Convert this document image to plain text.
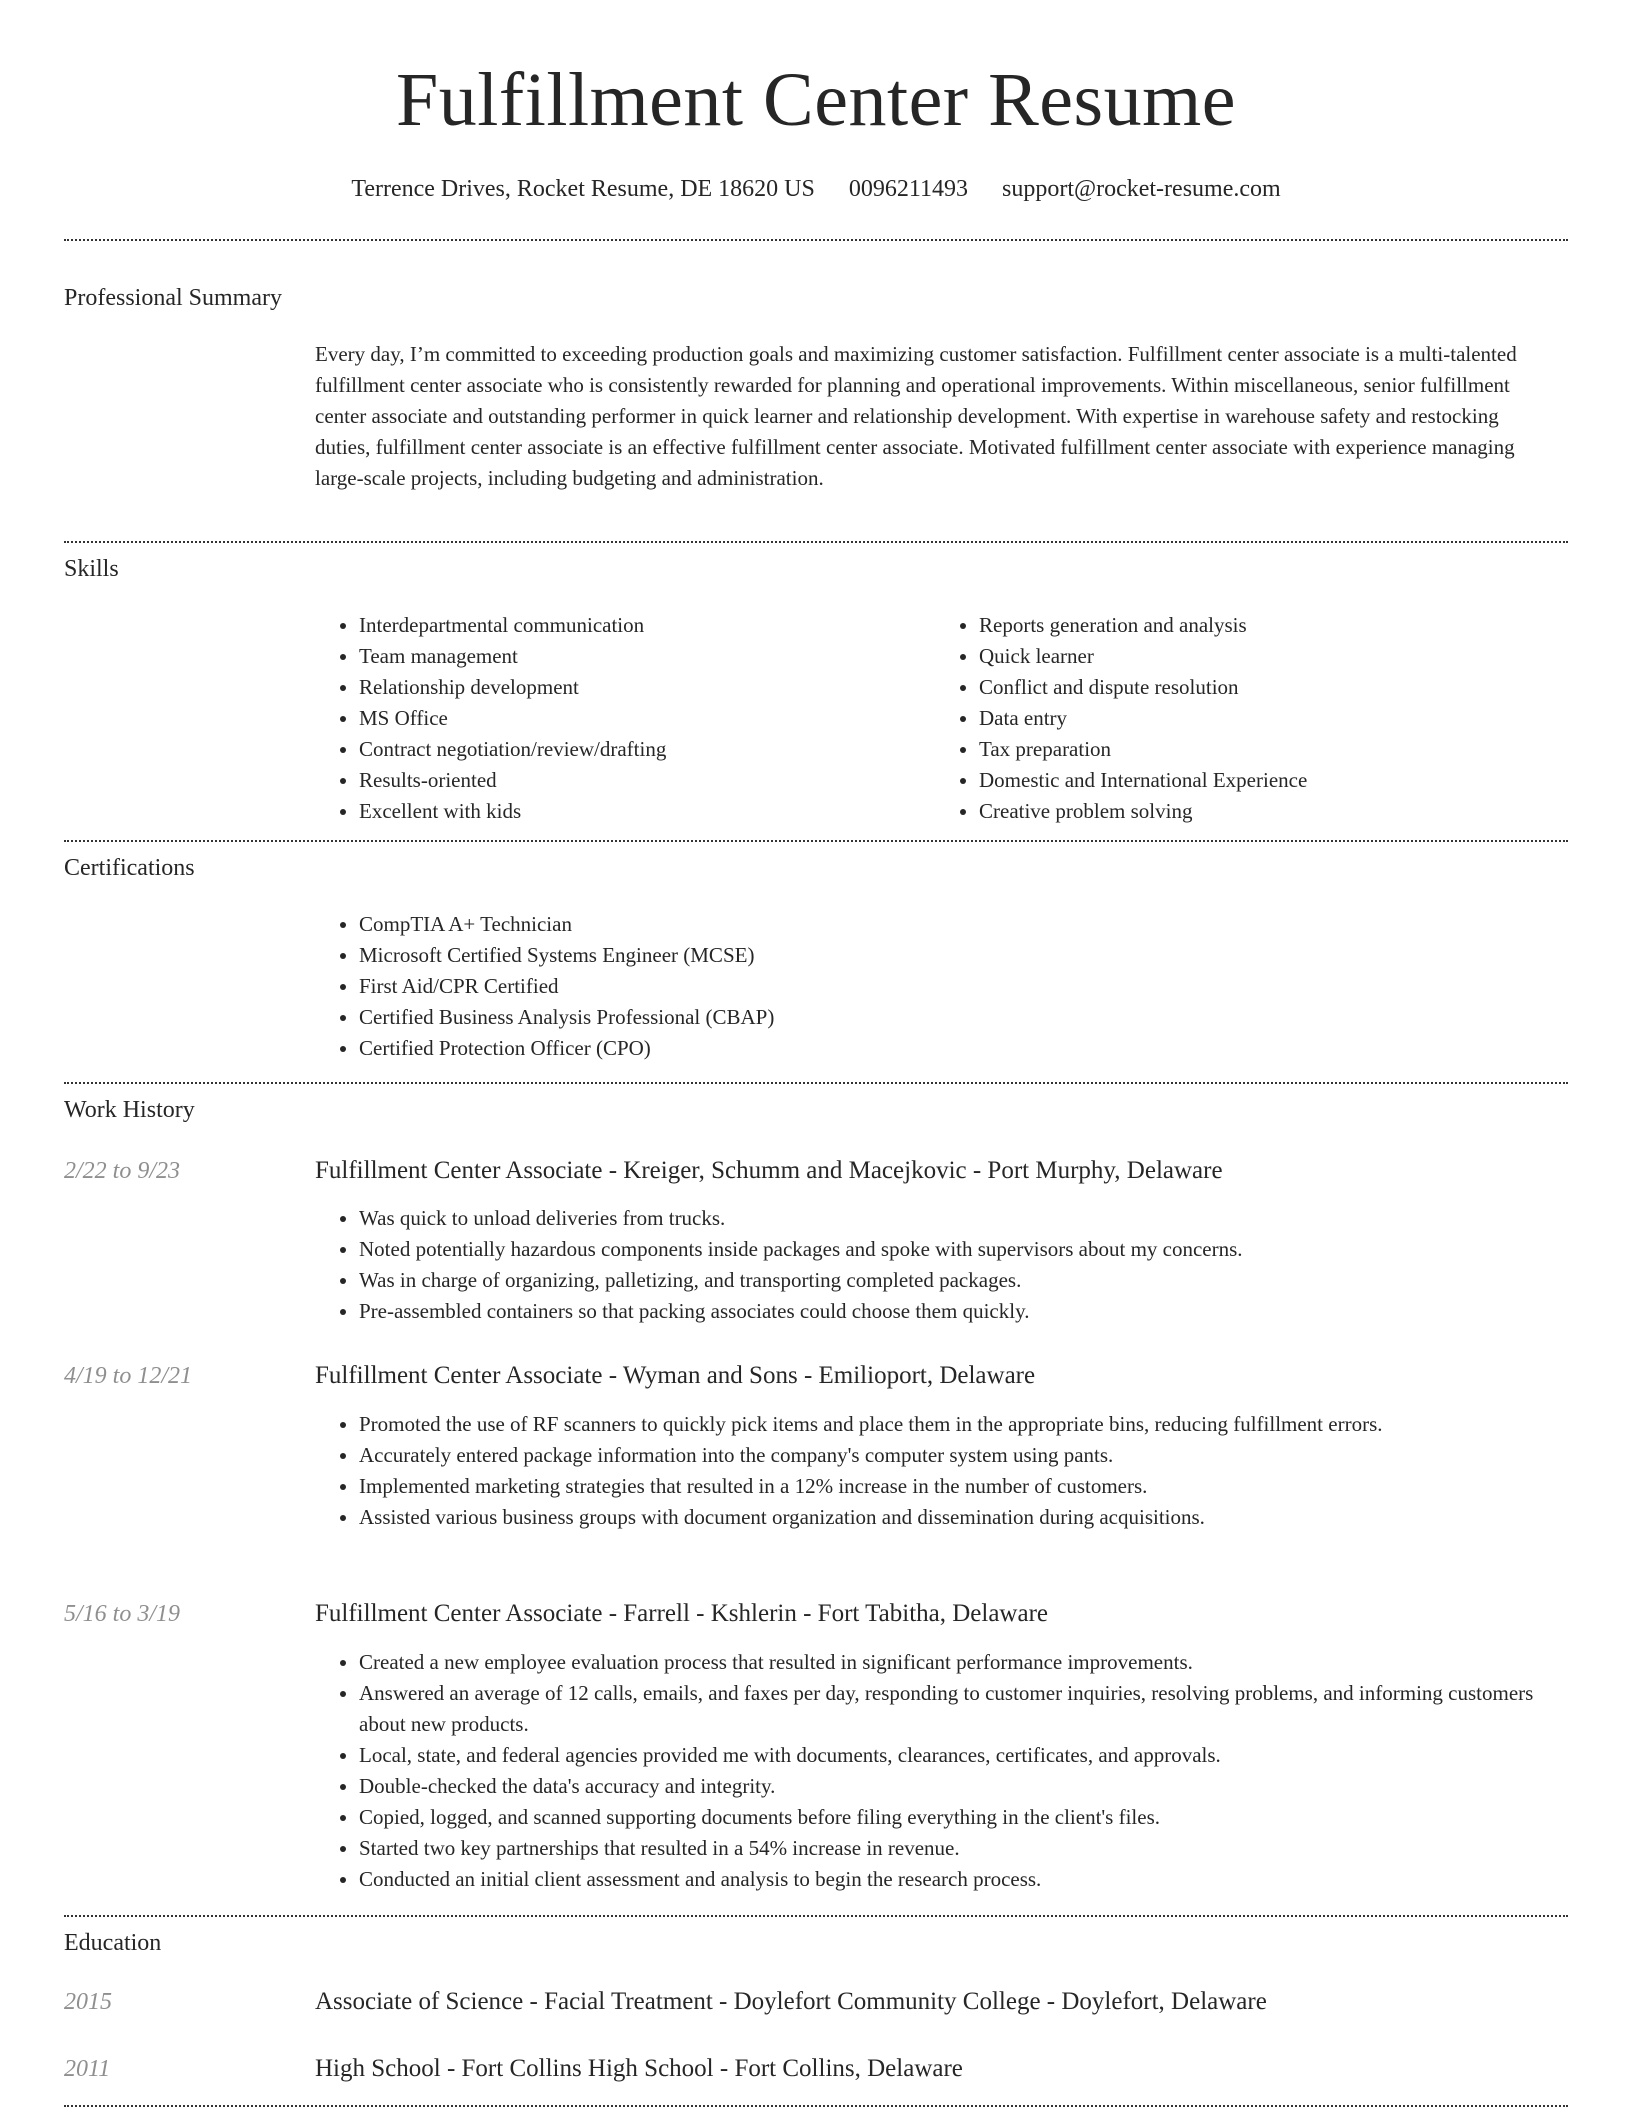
Fulfillment Center Resume
Terrence Drives, Rocket Resume, DE 18620 US 0096211493 support@rocket-resume.com
Professional Summary

Every day, I’m committed to exceeding production goals and maximizing customer satisfaction. Fulfillment center associate is a multi-talented fulfillment center associate who is consistently rewarded for planning and operational improvements. Within miscellaneous, senior fulfillment center associate and outstanding performer in quick learner and relationship development. With expertise in warehouse safety and restocking duties, fulfillment center associate is an effective fulfillment center associate. Motivated fulfillment center associate with experience managing large-scale projects, including budgeting and administration.

Skills
• Interdepartmental communication
• Team management
• Relationship development
• MS Office
• Contract negotiation/review/drafting
• Results-oriented
• Excellent with kids
• Reports generation and analysis
• Quick learner
• Conflict and dispute resolution
• Data entry
• Tax preparation
• Domestic and International Experience
• Creative problem solving
Certifications
• CompTIA A+ Technician
• Microsoft Certified Systems Engineer (MCSE)
• First Aid/CPR Certified
• Certified Business Analysis Professional (CBAP)
• Certified Protection Officer (CPO)
Work History
2/22 to 9/23	Fulfillment Center Associate - Kreiger, Schumm and Macejkovic - Port Murphy, Delaware
• Was quick to unload deliveries from trucks.
• Noted potentially hazardous components inside packages and spoke with supervisors about my concerns.
• Was in charge of organizing, palletizing, and transporting completed packages.
• Pre-assembled containers so that packing associates could choose them quickly.
4/19 to 12/21	Fulfillment Center Associate - Wyman and Sons - Emilioport, Delaware
• Promoted the use of RF scanners to quickly pick items and place them in the appropriate bins, reducing fulfillment errors.
• Accurately entered package information into the company's computer system using pants.
• Implemented marketing strategies that resulted in a 12% increase in the number of customers.
• Assisted various business groups with document organization and dissemination during acquisitions.
5/16 to 3/19	Fulfillment Center Associate - Farrell - Kshlerin - Fort Tabitha, Delaware
• Created a new employee evaluation process that resulted in significant performance improvements.
• Answered an average of 12 calls, emails, and faxes per day, responding to customer inquiries, resolving problems, and informing customers about new products.
• Local, state, and federal agencies provided me with documents, clearances, certificates, and approvals.
• Double-checked the data's accuracy and integrity.
• Copied, logged, and scanned supporting documents before filing everything in the client's files.
• Started two key partnerships that resulted in a 54% increase in revenue.
• Conducted an initial client assessment and analysis to begin the research process.
Education
2015	Associate of Science - Facial Treatment - Doylefort Community College - Doylefort, Delaware
2011	High School - Fort Collins High School - Fort Collins, Delaware
